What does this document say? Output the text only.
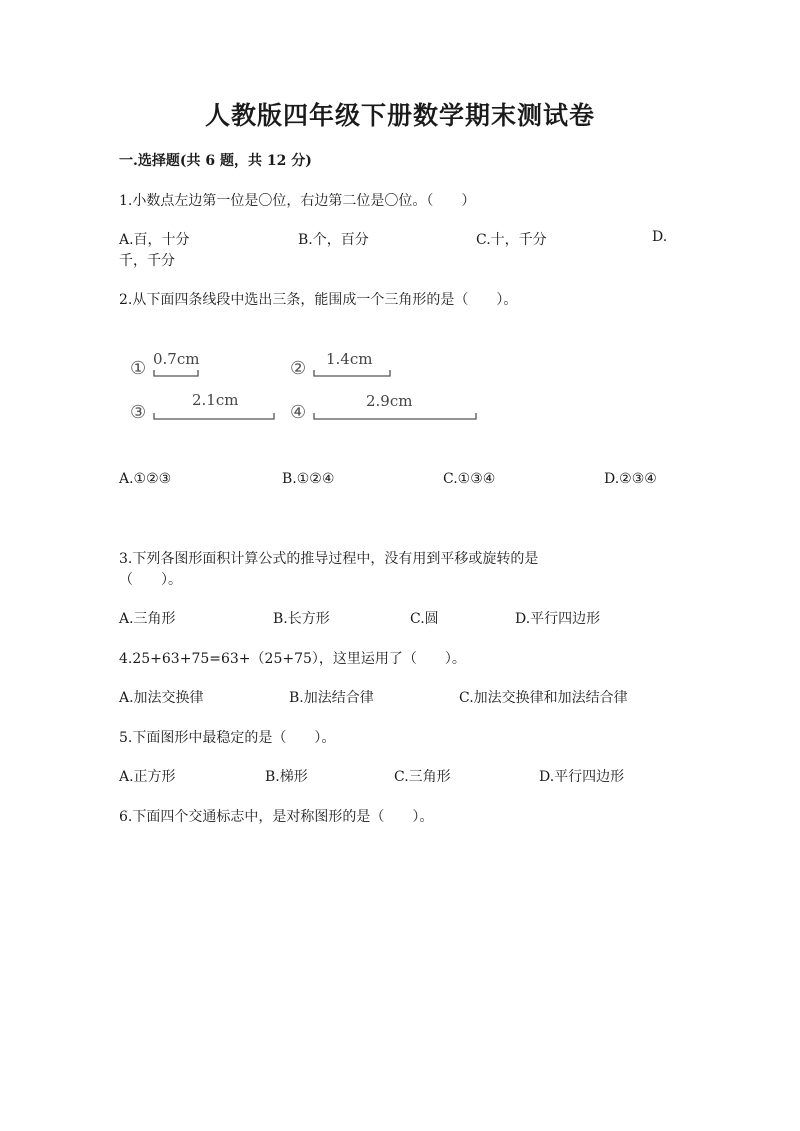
人教版四年级下册数学期末测试卷
一.选择题(共 6 题，共 12 分)
1.小数点左边第一位是〇位，右边第二位是〇位。（　　）
A.百，十分	B.个，百分	C.十，千分	D.
千，千分
2.从下面四条线段中选出三条，能围成一个三角形的是（　　）。
① 0.7cm	② 1.4cm
③
2.1cm
④
2.9cm
A.①②③	B.①②④	C.①③④	D.②③④
3.下列各图形面积计算公式的推导过程中，没有用到平移或旋转的是
（　　）。
A.三角形	B.长方形	C.圆	D.平行四边形
4.25+63+75=63+（25+75），这里运用了（　　）。
A.加法交换律	B.加法结合律	C.加法交换律和加法结合律
5.下面图形中最稳定的是（　　）。
A.正方形	B.梯形	C.三角形	D.平行四边形
6.下面四个交通标志中，是对称图形的是（　　）。
